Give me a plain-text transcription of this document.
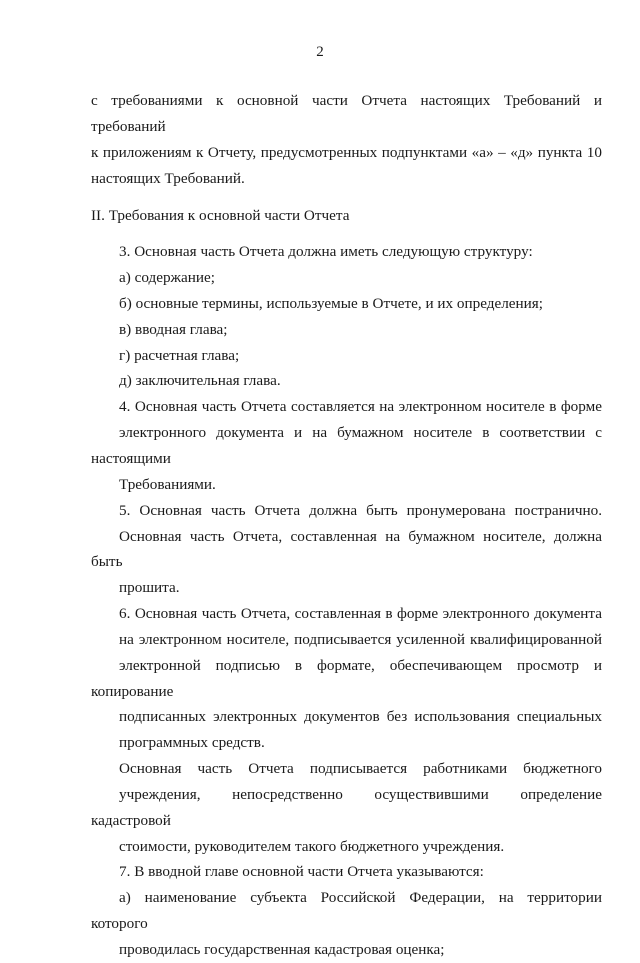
2

с требованиями к основной части Отчета настоящих Требований и требований
к приложениям к Отчету, предусмотренных подпунктами «а» – «д» пункта 10
настоящих Требований.

II. Требования к основной части Отчета

3. Основная часть Отчета должна иметь следующую структуру:

а) содержание;

б) основные термины, используемые в Отчете, и их определения;

в) вводная глава;

г) расчетная глава;

д) заключительная глава.

4. Основная часть Отчета составляется на электронном носителе в форме
электронного документа и на бумажном носителе в соответствии с настоящими
Требованиями.

5. Основная часть Отчета должна быть пронумерована постранично.
Основная часть Отчета, составленная на бумажном носителе, должна быть
прошита.

6. Основная часть Отчета, составленная в форме электронного документа
на электронном носителе, подписывается усиленной квалифицированной
электронной подписью в формате, обеспечивающем просмотр и копирование
подписанных электронных документов без использования специальных
программных средств.

Основная часть Отчета подписывается работниками бюджетного
учреждения, непосредственно осуществившими определение кадастровой
стоимости, руководителем такого бюджетного учреждения.

7. В вводной главе основной части Отчета указываются:

а) наименование субъекта Российской Федерации, на территории которого
проводилась государственная кадастровая оценка;
